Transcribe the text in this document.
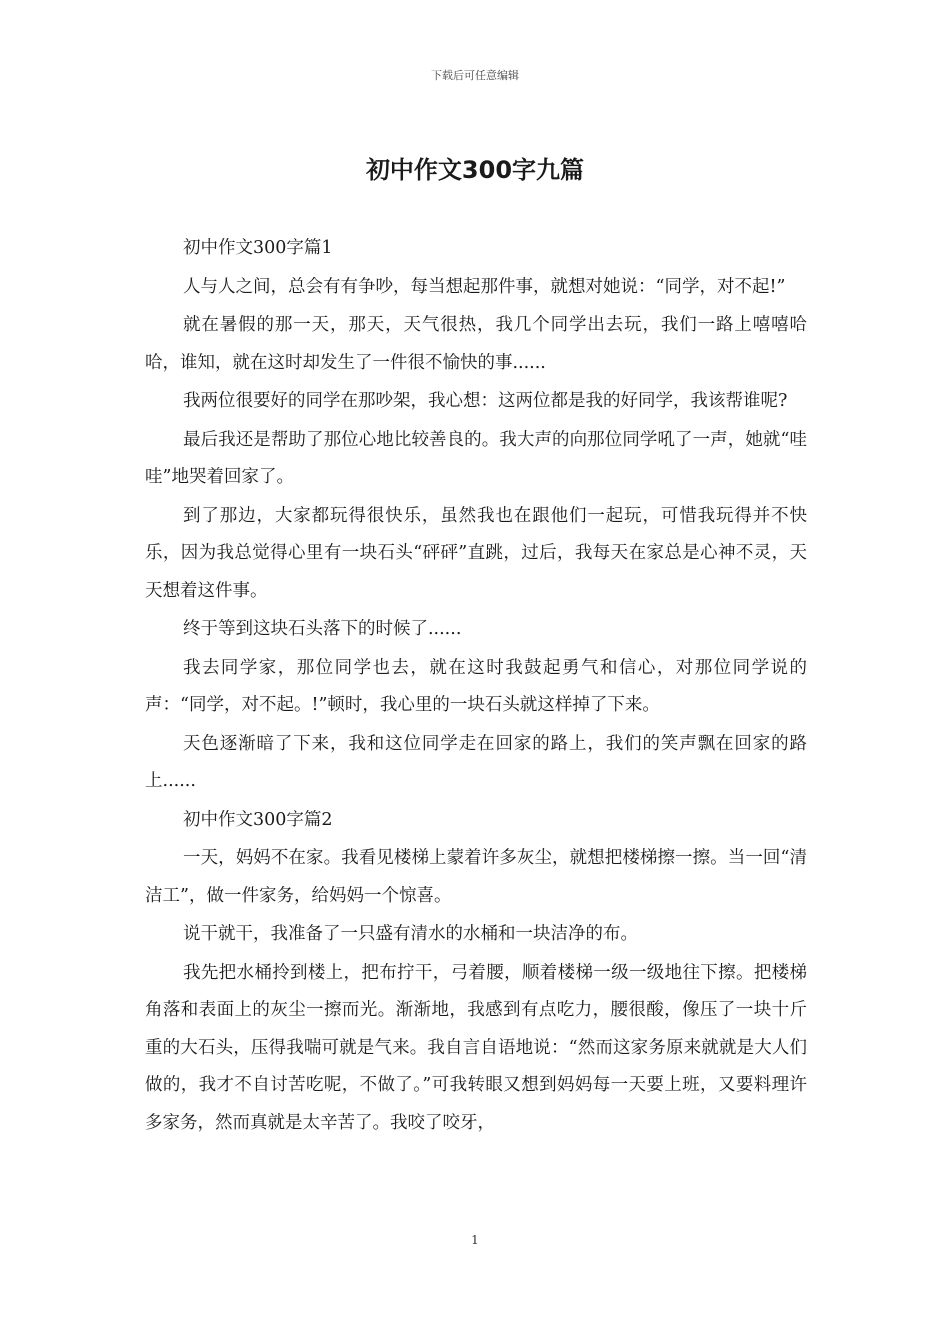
下载后可任意编辑
初中作文300字九篇

初中作文300字篇1

人与人之间，总会有有争吵，每当想起那件事，就想对她说：“同学，对不起!”

就在暑假的那一天，那天，天气很热，我几个同学出去玩，我们一路上嘻嘻哈哈，谁知，就在这时却发生了一件很不愉快的事......

我两位很要好的同学在那吵架，我心想：这两位都是我的好同学，我该帮谁呢?

最后我还是帮助了那位心地比较善良的。我大声的向那位同学吼了一声，她就“哇哇”地哭着回家了。

到了那边，大家都玩得很快乐，虽然我也在跟他们一起玩，可惜我玩得并不快乐，因为我总觉得心里有一块石头“砰砰”直跳，过后，我每天在家总是心神不灵，天天想着这件事。

终于等到这块石头落下的时候了......

我去同学家，那位同学也去，就在这时我鼓起勇气和信心，对那位同学说的声：“同学，对不起。!”顿时，我心里的一块石头就这样掉了下来。

天色逐渐暗了下来，我和这位同学走在回家的路上，我们的笑声飘在回家的路上......

初中作文300字篇2

一天，妈妈不在家。我看见楼梯上蒙着许多灰尘，就想把楼梯擦一擦。当一回“清洁工”，做一件家务，给妈妈一个惊喜。

说干就干，我准备了一只盛有清水的水桶和一块洁净的布。

我先把水桶拎到楼上，把布拧干，弓着腰，顺着楼梯一级一级地往下擦。把楼梯角落和表面上的灰尘一擦而光。渐渐地，我感到有点吃力，腰很酸，像压了一块十斤重的大石头，压得我喘可就是气来。我自言自语地说：“然而这家务原来就就是大人们做的，我才不自讨苦吃呢，不做了。”可我转眼又想到妈妈每一天要上班，又要料理许多家务，然而真就是太辛苦了。我咬了咬牙，

1
